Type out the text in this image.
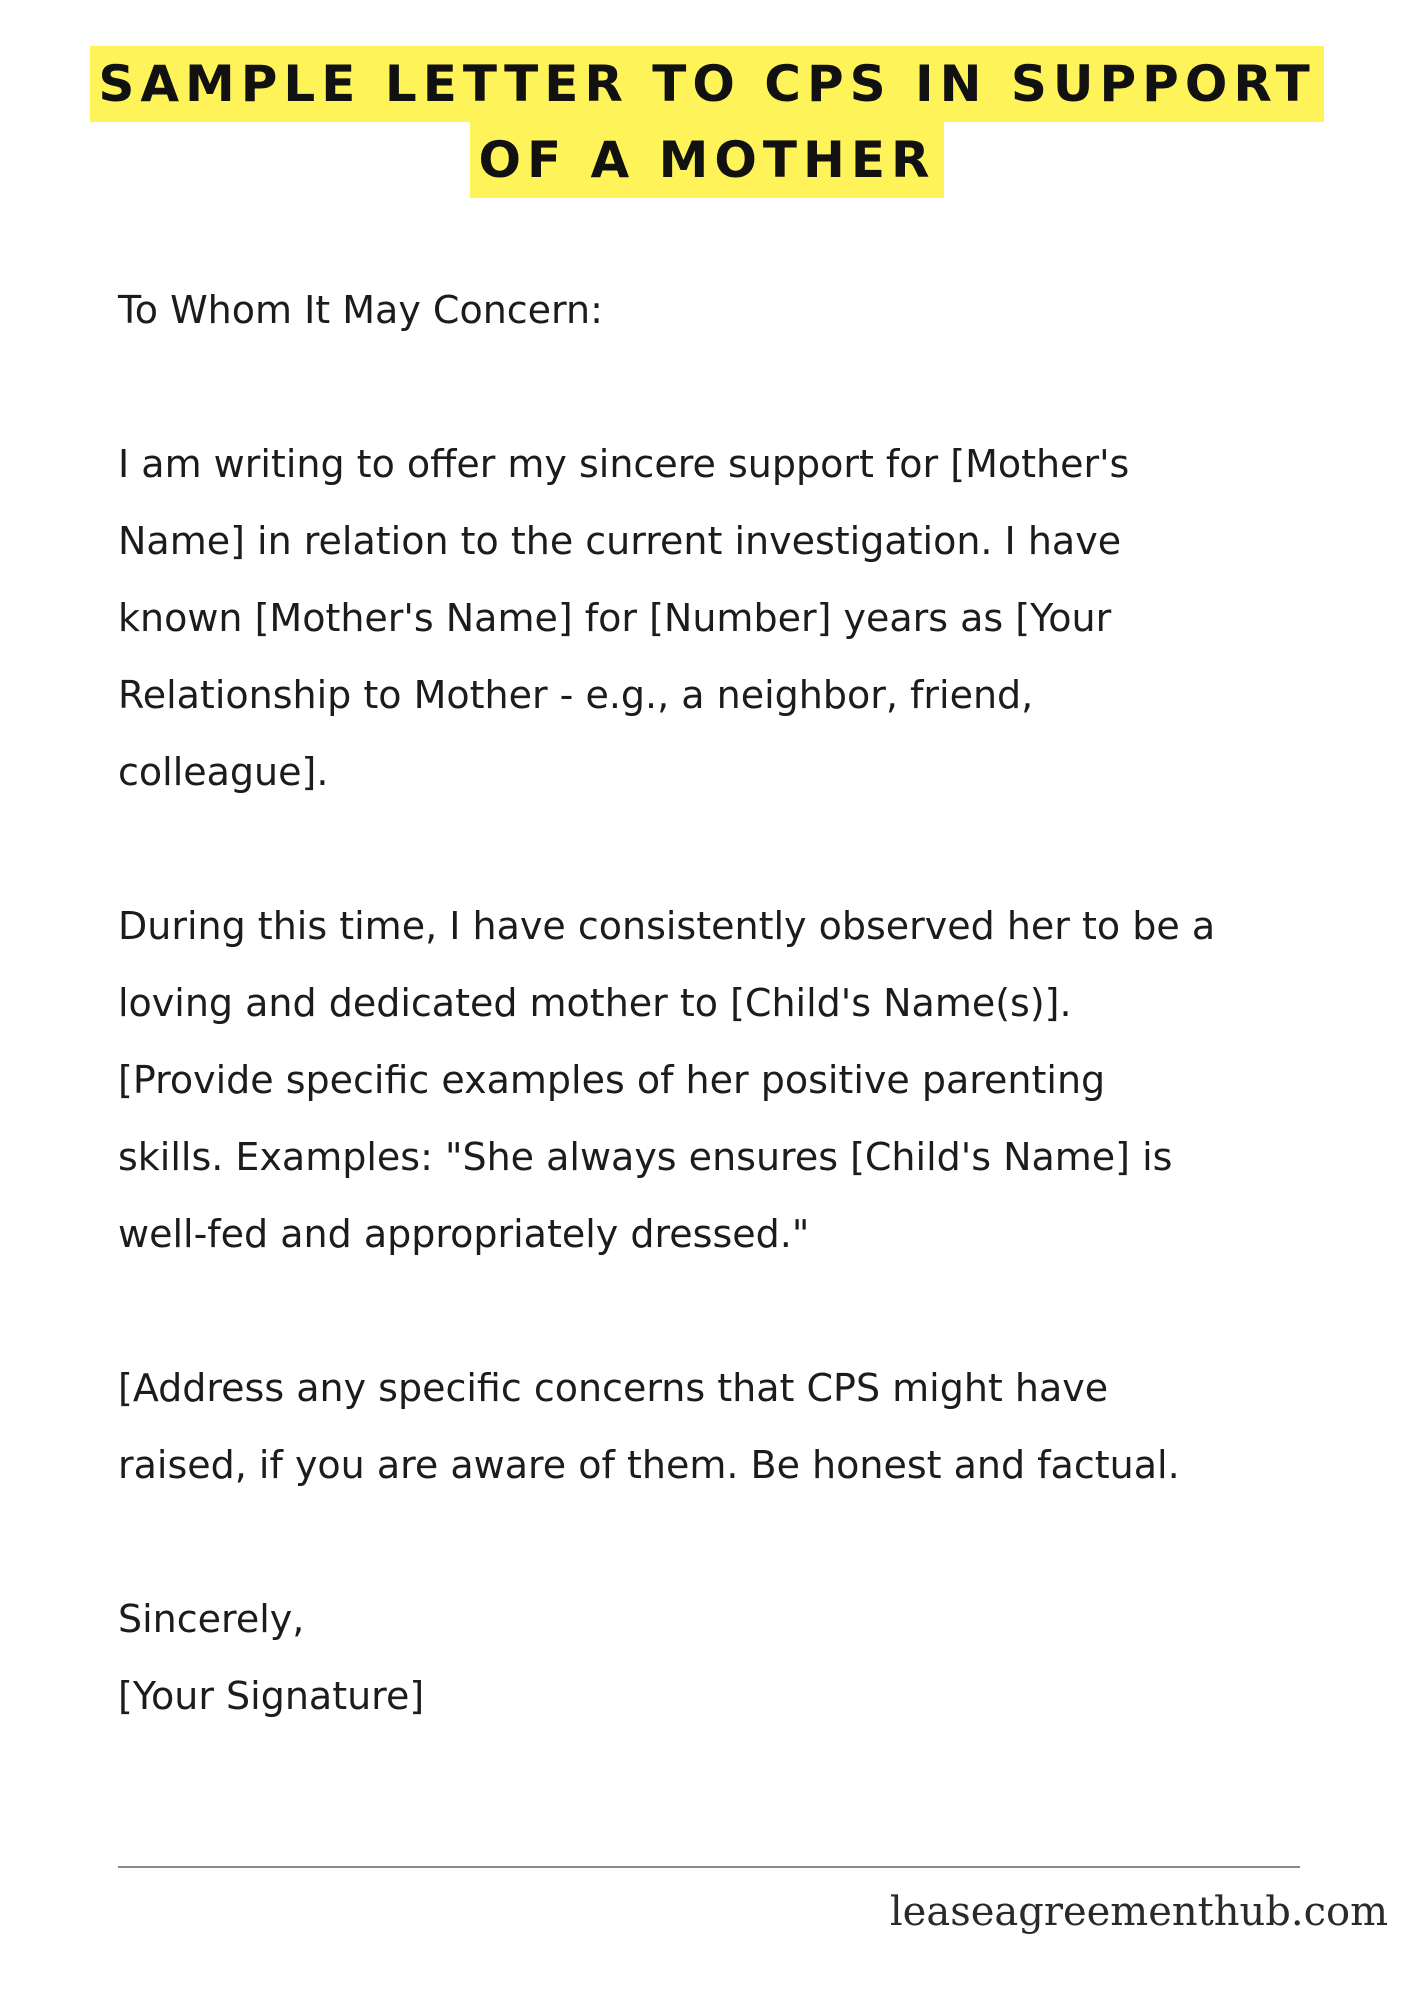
SAMPLE LETTER TO CPS IN SUPPORT
OF A MOTHER

To Whom It May Concern:

I am writing to offer my sincere support for [Mother's

Name] in relation to the current investigation. I have

known [Mother's Name] for [Number] years as [Your

Relationship to Mother - e.g., a neighbor, friend,

colleague].

During this time, I have consistently observed her to be a

loving and dedicated mother to [Child's Name(s)].

[Provide specific examples of her positive parenting

skills. Examples: "She always ensures [Child's Name] is

well-fed and appropriately dressed."

[Address any specific concerns that CPS might have

raised, if you are aware of them. Be honest and factual.

Sincerely,

[Your Signature]

leaseagreementhub.com
